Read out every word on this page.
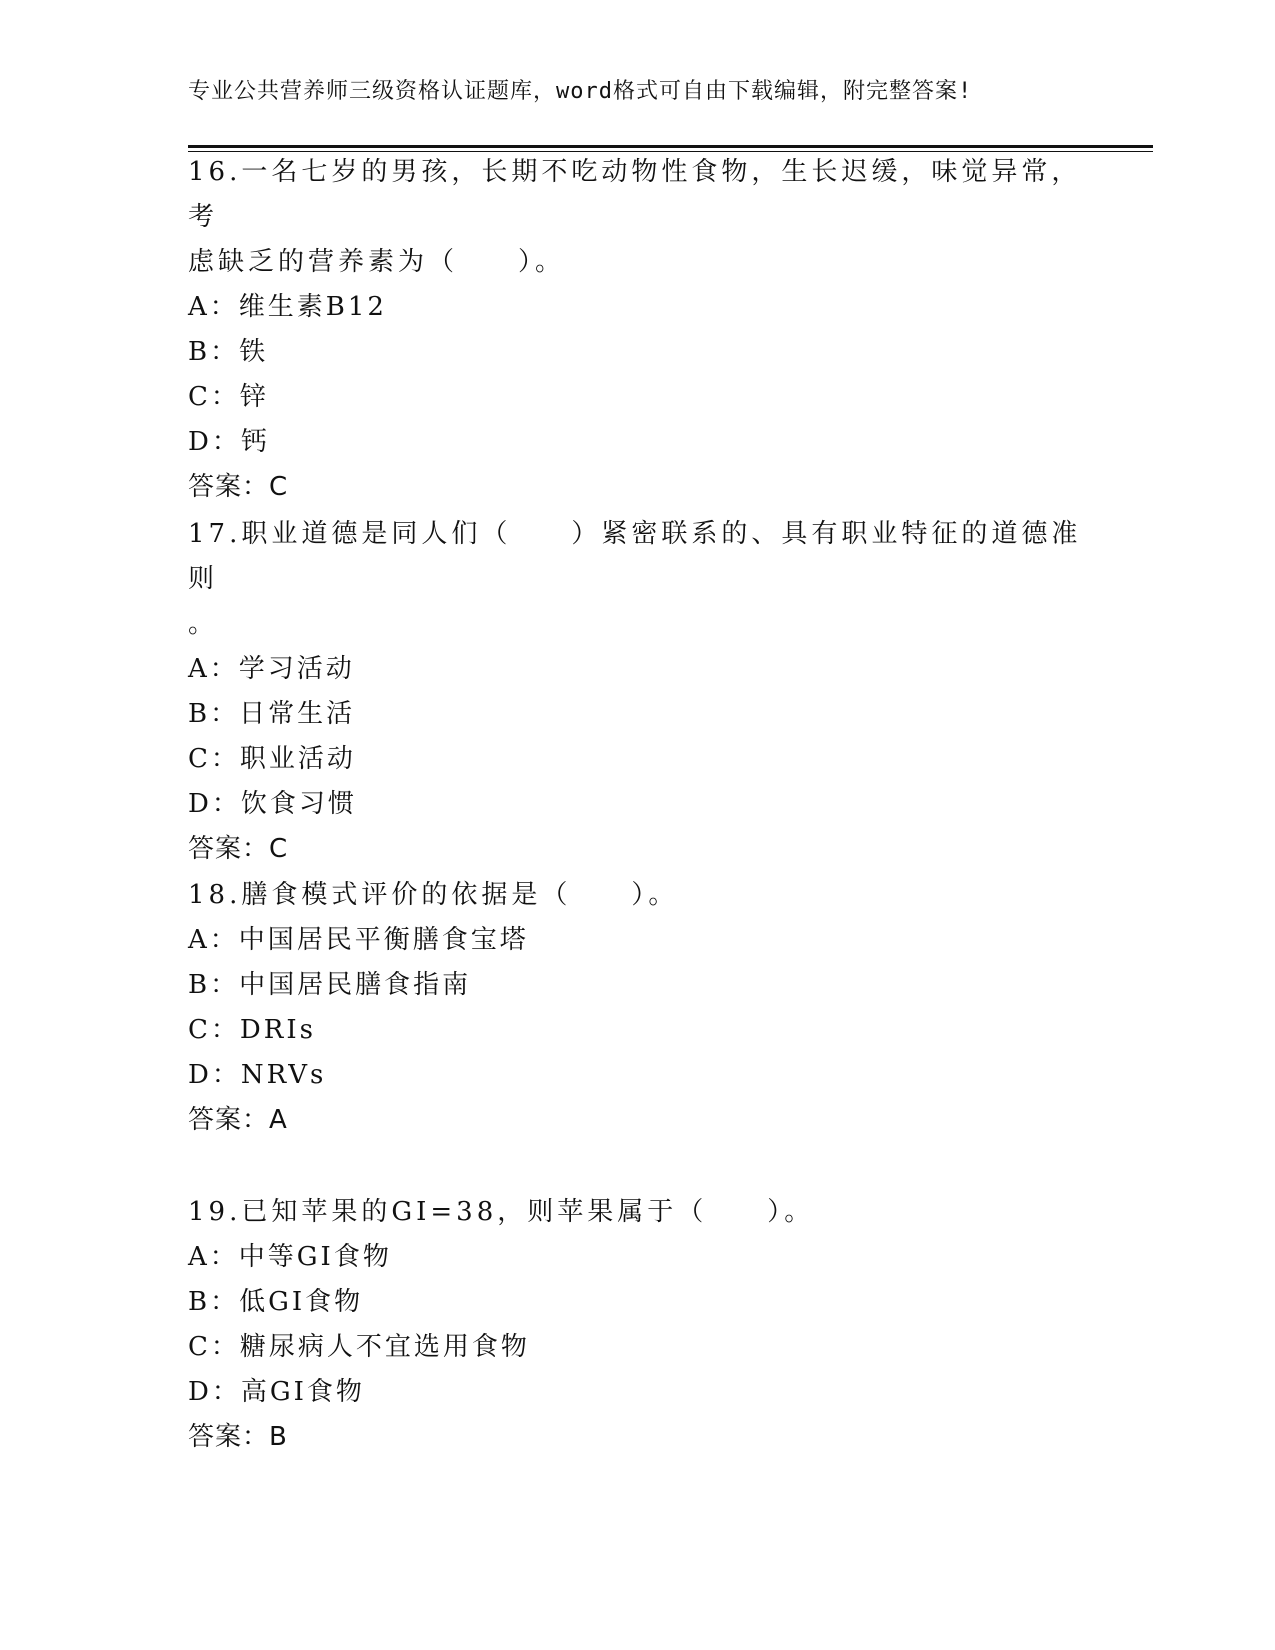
专业公共营养师三级资格认证题库，word格式可自由下载编辑，附完整答案!
16.一名七岁的男孩，长期不吃动物性食物，生长迟缓，味觉异常，考
虑缺乏的营养素为（　　）。
A：维生素B12
B：铁
C：锌
D：钙
答案：C
17.职业道德是同人们（　　）紧密联系的、具有职业特征的道德准则
。
A：学习活动
B：日常生活
C：职业活动
D：饮食习惯
答案：C
18.膳食模式评价的依据是（　　）。
A：中国居民平衡膳食宝塔
B：中国居民膳食指南
C：DRIs
D：NRVs
答案：A
19.已知苹果的GI=38，则苹果属于（　　）。
A：中等GI食物
B：低GI食物
C：糖尿病人不宜选用食物
D：高GI食物
答案：B
